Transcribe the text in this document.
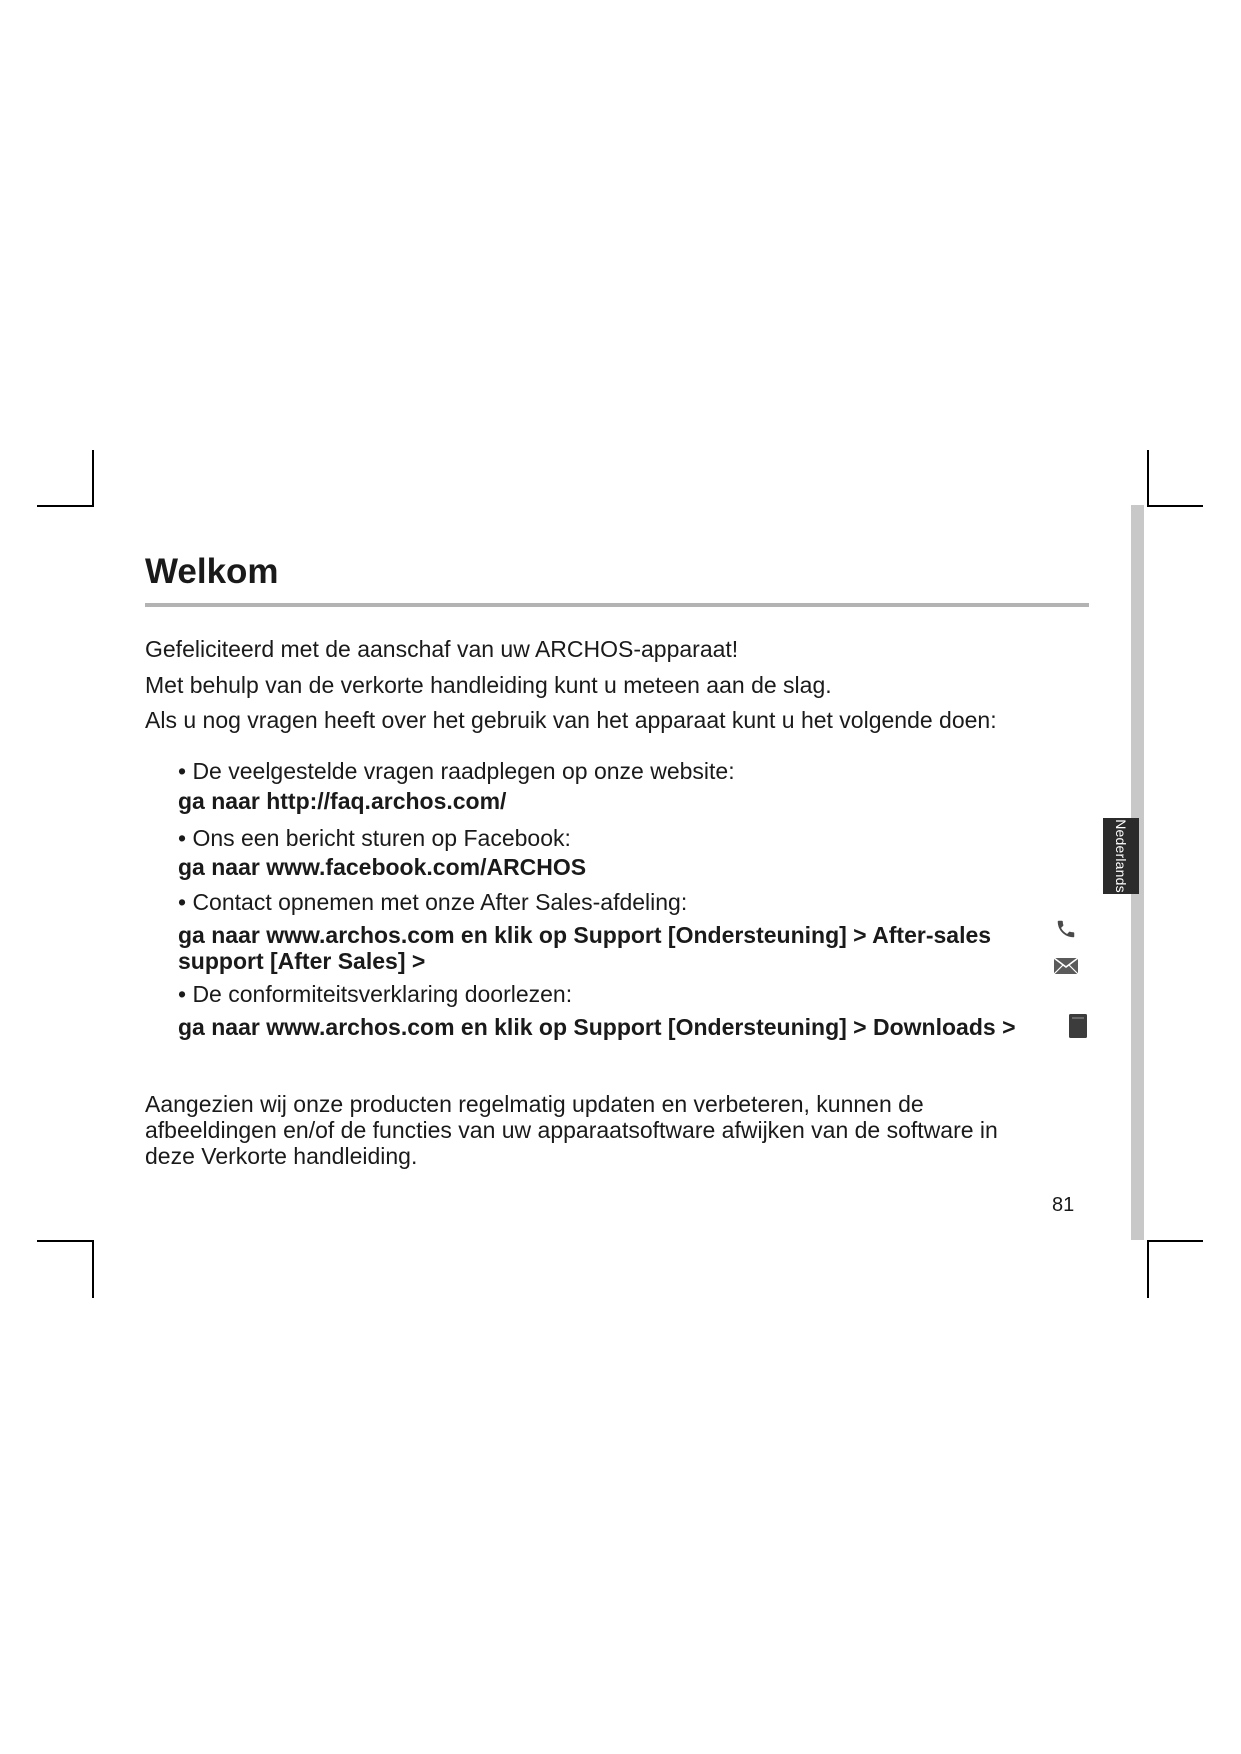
Nederlands
Welkom

Gefeliciteerd met de aanschaf van uw ARCHOS-apparaat!

Met behulp van de verkorte handleiding kunt u meteen aan de slag.

Als u nog vragen heeft over het gebruik van het apparaat kunt u het volgende doen:

• De veelgestelde vragen raadplegen op onze website:

ga naar http://faq.archos.com/

• Ons een bericht sturen op Facebook:

ga naar www.facebook.com/ARCHOS

• Contact opnemen met onze After Sales-afdeling:

ga naar www.archos.com en klik op Support [Ondersteuning] > After-sales

support [After Sales] >

• De conformiteitsverklaring doorlezen:

ga naar www.archos.com en klik op Support [Ondersteuning] > Downloads >

Aangezien wij onze producten regelmatig updaten en verbeteren, kunnen de
afbeeldingen en/of de functies van uw apparaatsoftware afwijken van de software in
deze Verkorte handleiding.

81
